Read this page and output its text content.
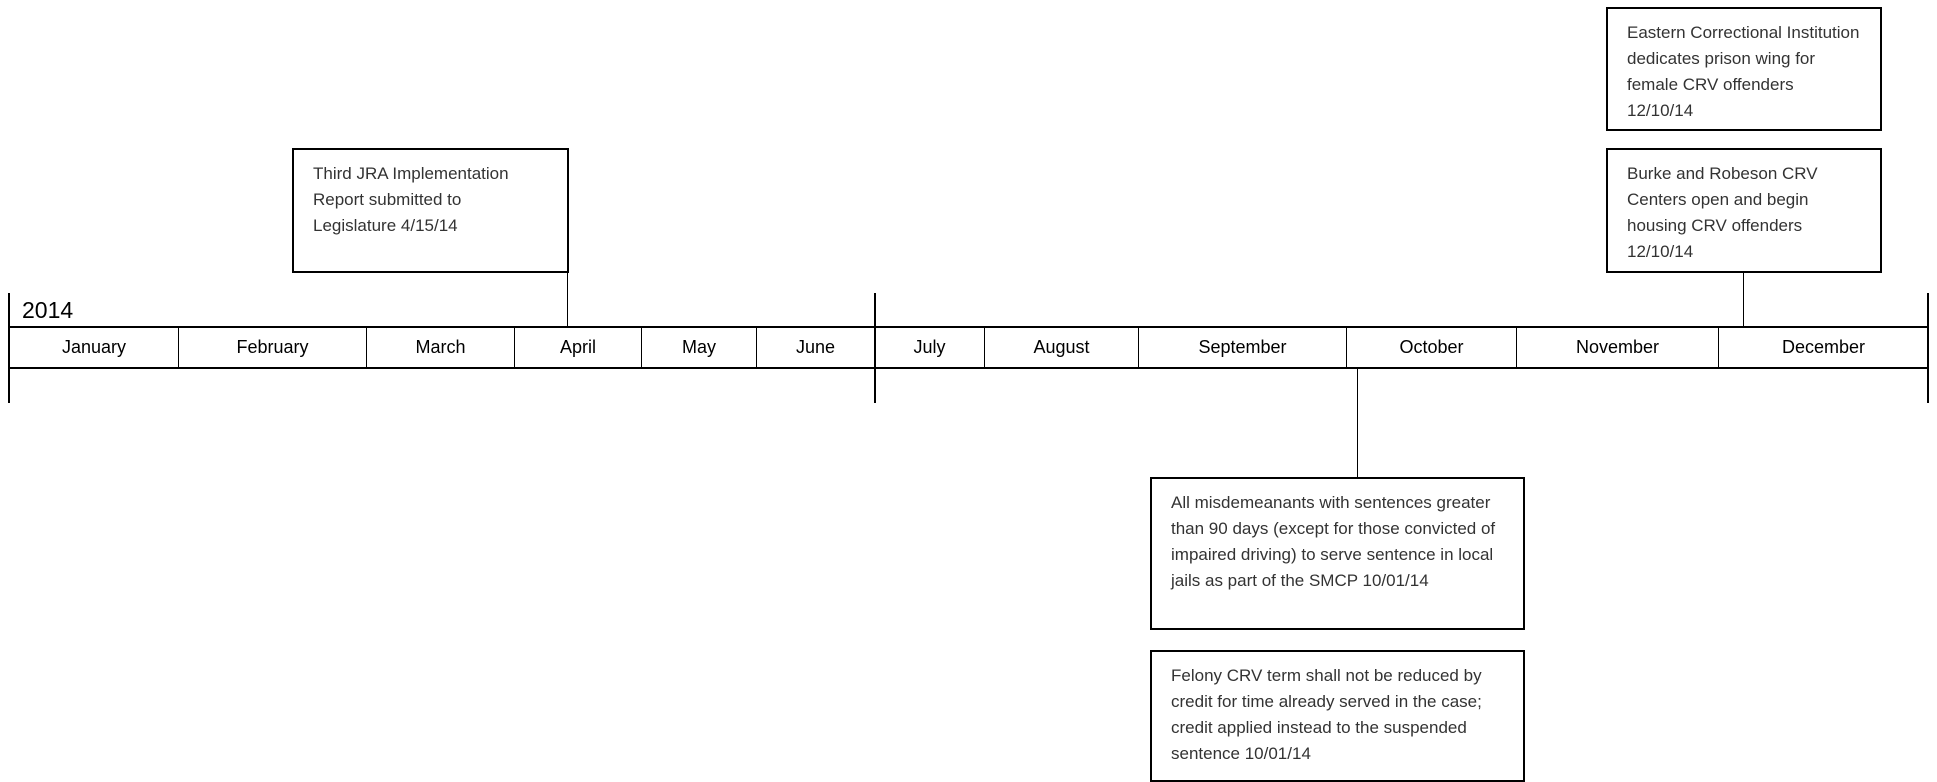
2014
January	February	March	April	May	June	July	August	September	October	November	December
Third JRA Implementation Report submitted to Legislature 4/15/14
Eastern Correctional Institution dedicates prison wing for female CRV offenders 12/10/14
Burke and Robeson CRV Centers open and begin housing CRV offenders 12/10/14
All misdemeanants with sentences greater than 90 days (except for those convicted of impaired driving) to serve sentence in local jails as part of the SMCP 10/01/14
Felony CRV term shall not be reduced by credit for time already served in the case; credit applied instead to the suspended sentence 10/01/14
